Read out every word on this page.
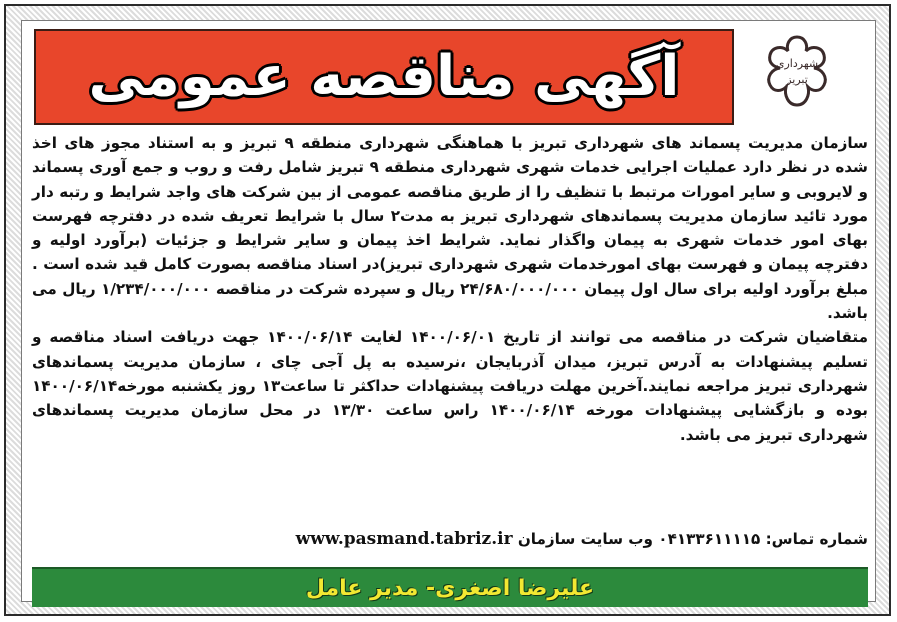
آگهی مناقصه عمومی	شهرداری
تبریز

سازمان مدیریت پسماند های شهرداری تبریز با هماهنگی شهرداری منطقه ۹ تبریز و به استناد مجوز های اخذ شده در نظر دارد عملیات اجرایی خدمات شهری شهرداری منطقه ۹ تبریز شامل رفت و روب و جمع آوری پسماند و لایروبی و سایر امورات مرتبط با تنظیف را از طریق مناقصه عمومی از بین شرکت های واجد شرایط و رتبه دار مورد تائید سازمان مدیریت پسماندهای شهرداری تبریز به مدت۲ سال با شرایط تعریف شده در دفترچه فهرست بهای امور خدمات شهری به پیمان واگذار نماید. شرایط اخذ پیمان و سایر شرایط و جزئیات (برآورد اولیه و دفترچه پیمان و فهرست بهای امورخدمات شهری شهرداری تبریز)در اسناد مناقصه بصورت کامل قید شده است . مبلغ برآورد اولیه برای سال اول پیمان ۲۴/۶۸۰/۰۰۰/۰۰۰ ریال و سپرده شرکت در مناقصه ۱/۲۳۴/۰۰۰/۰۰۰ ریال می باشد.

متقاضیان شرکت در مناقصه می توانند از تاریخ ۱۴۰۰/۰۶/۰۱ لغایت ۱۴۰۰/۰۶/۱۴ جهت دریافت اسناد مناقصه و تسلیم پیشنهادات به آدرس تبریز، میدان آذربایجان ،نرسیده به پل آجی چای ، سازمان مدیریت پسماندهای شهرداری تبریز مراجعه نمایند.آخرین مهلت دریافت پیشنهادات حداکثر تا ساعت۱۳ روز یکشنبه مورخه۱۴۰۰/۰۶/۱۴ بوده و بازگشایی پیشنهادات مورخه ۱۴۰۰/۰۶/۱۴ راس ساعت ۱۳/۳۰ در محل سازمان مدیریت پسماندهای شهرداری تبریز می باشد.

شماره تماس: ۰۴۱۳۳۶۱۱۱۱۵ وب سایت سازمان www.pasmand.tabriz.ir
علیرضا اصغری- مدیر عامل
